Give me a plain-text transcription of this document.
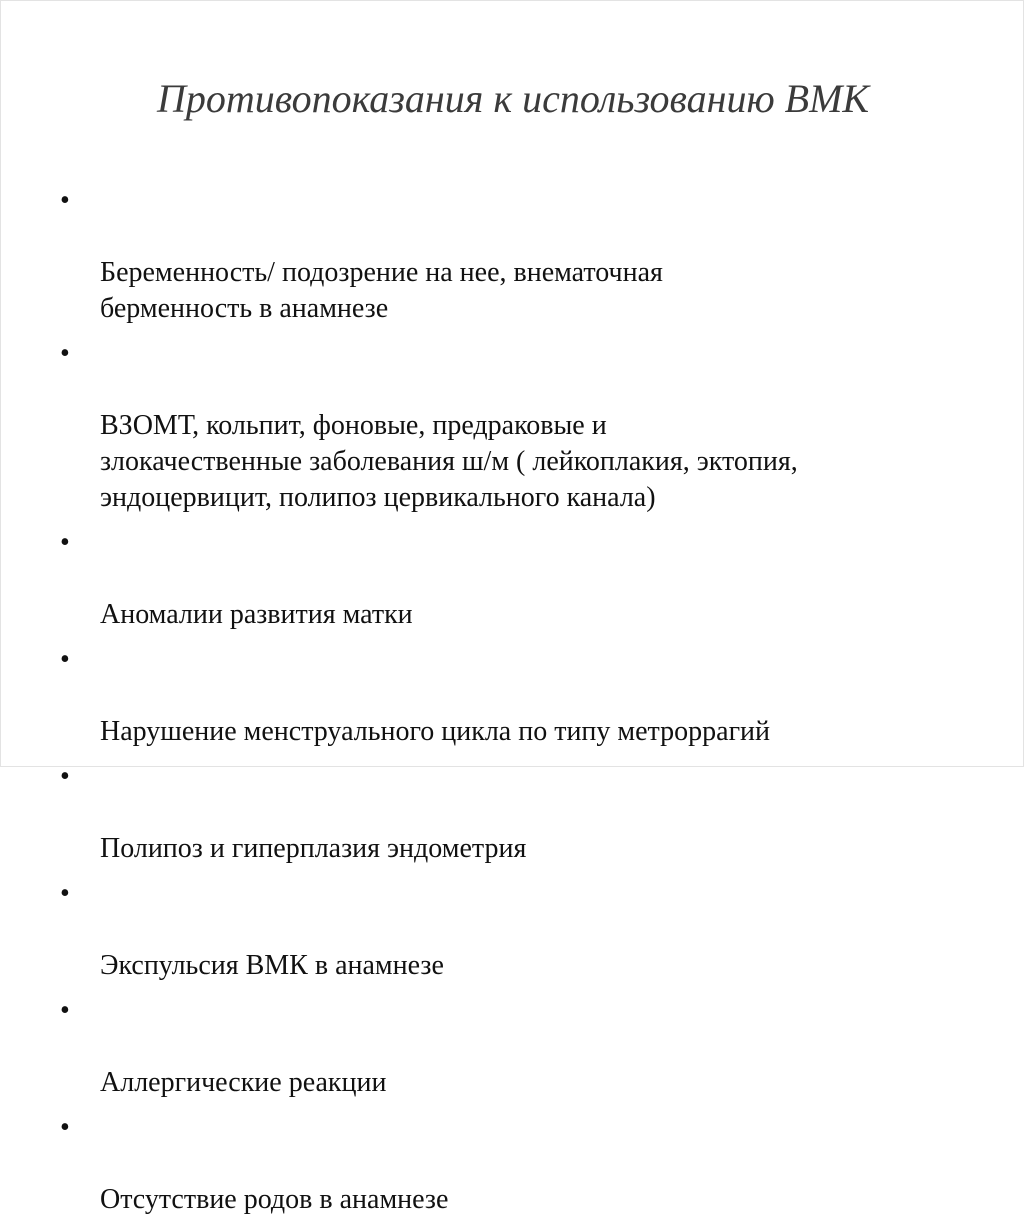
Противопоказания к использованию ВМК

•

Беременность/ подозрение на нее, внематочная
берменность в анамнезе

•

ВЗОМТ, кольпит, фоновые, предраковые и
злокачественные заболевания ш/м ( лейкоплакия, эктопия,
эндоцервицит, полипоз цервикального канала)

•

Аномалии развития матки

•

Нарушение менструального цикла по типу метроррагий

•

Полипоз и гиперплазия эндометрия

•

Экспульсия ВМК в анамнезе

•

Аллергические реакции

•

Отсутствие родов в анамнезе
